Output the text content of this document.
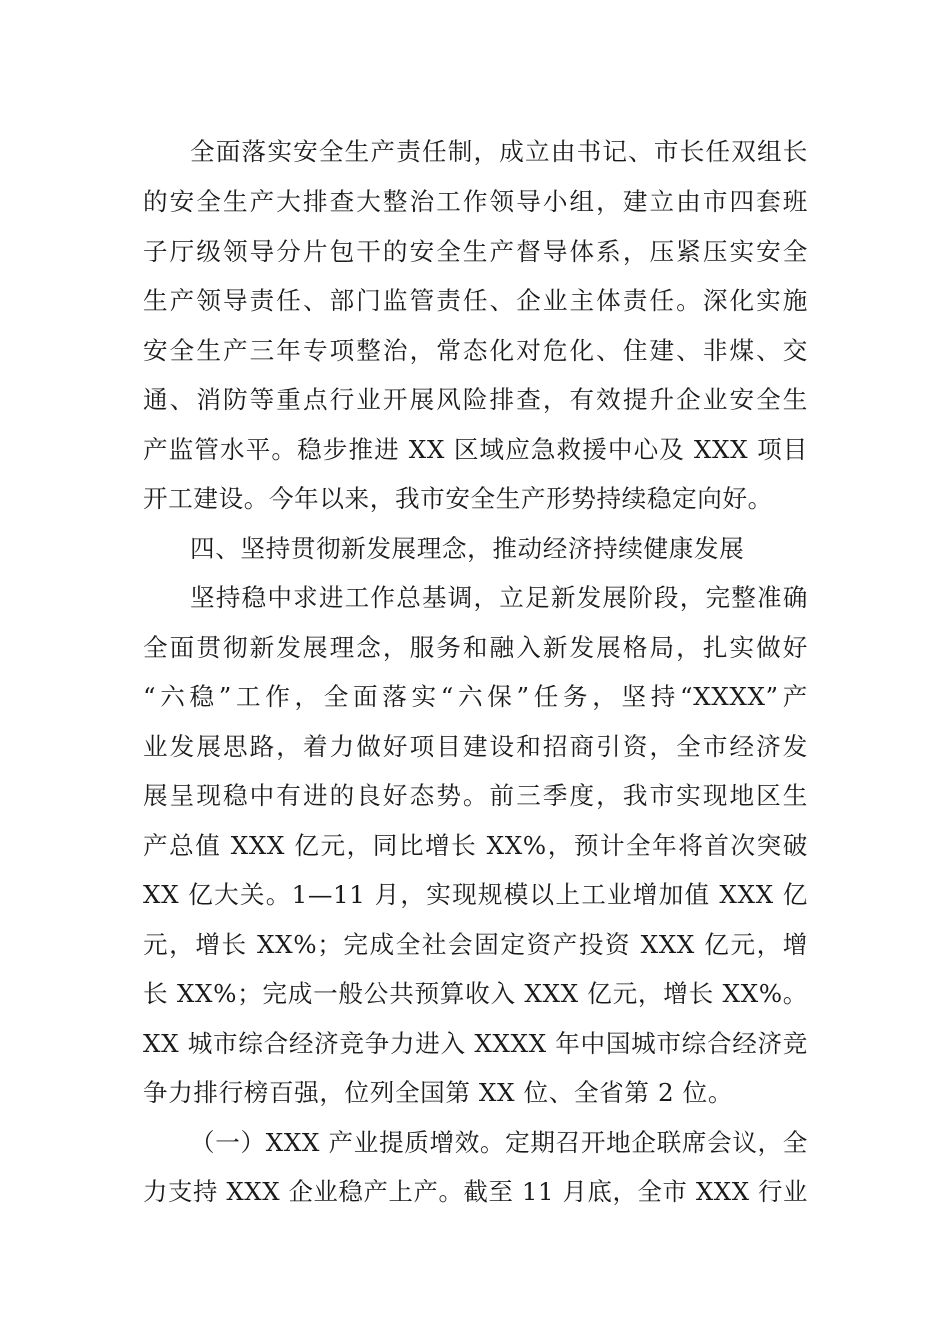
全面落实安全生产责任制，成立由书记、市长任双组长
的安全生产大排查大整治工作领导小组，建立由市四套班
子厅级领导分片包干的安全生产督导体系，压紧压实安全
生产领导责任、部门监管责任、企业主体责任。深化实施
安全生产三年专项整治，常态化对危化、住建、非煤、交
通、消防等重点行业开展风险排查，有效提升企业安全生
产监管水平。稳步推进 XX 区域应急救援中心及 XXX 项目
开工建设。今年以来，我市安全生产形势持续稳定向好。
四、坚持贯彻新发展理念，推动经济持续健康发展
坚持稳中求进工作总基调，立足新发展阶段，完整准确
全面贯彻新发展理念，服务和融入新发展格局，扎实做好
“六稳”工作，全面落实“六保”任务，坚持“XXXX”产
业发展思路，着力做好项目建设和招商引资，全市经济发
展呈现稳中有进的良好态势。前三季度，我市实现地区生
产总值 XXX 亿元，同比增长 XX%，预计全年将首次突破
XX 亿大关。1—11 月，实现规模以上工业增加值 XXX 亿
元，增长 XX%；完成全社会固定资产投资 XXX 亿元，增
长 XX%；完成一般公共预算收入 XXX 亿元，增长 XX%。
XX 城市综合经济竞争力进入 XXXX 年中国城市综合经济竞
争力排行榜百强，位列全国第 XX 位、全省第 2 位。
（一）XXX 产业提质增效。定期召开地企联席会议，全
力支持 XXX 企业稳产上产。截至 11 月底，全市 XXX 行业
